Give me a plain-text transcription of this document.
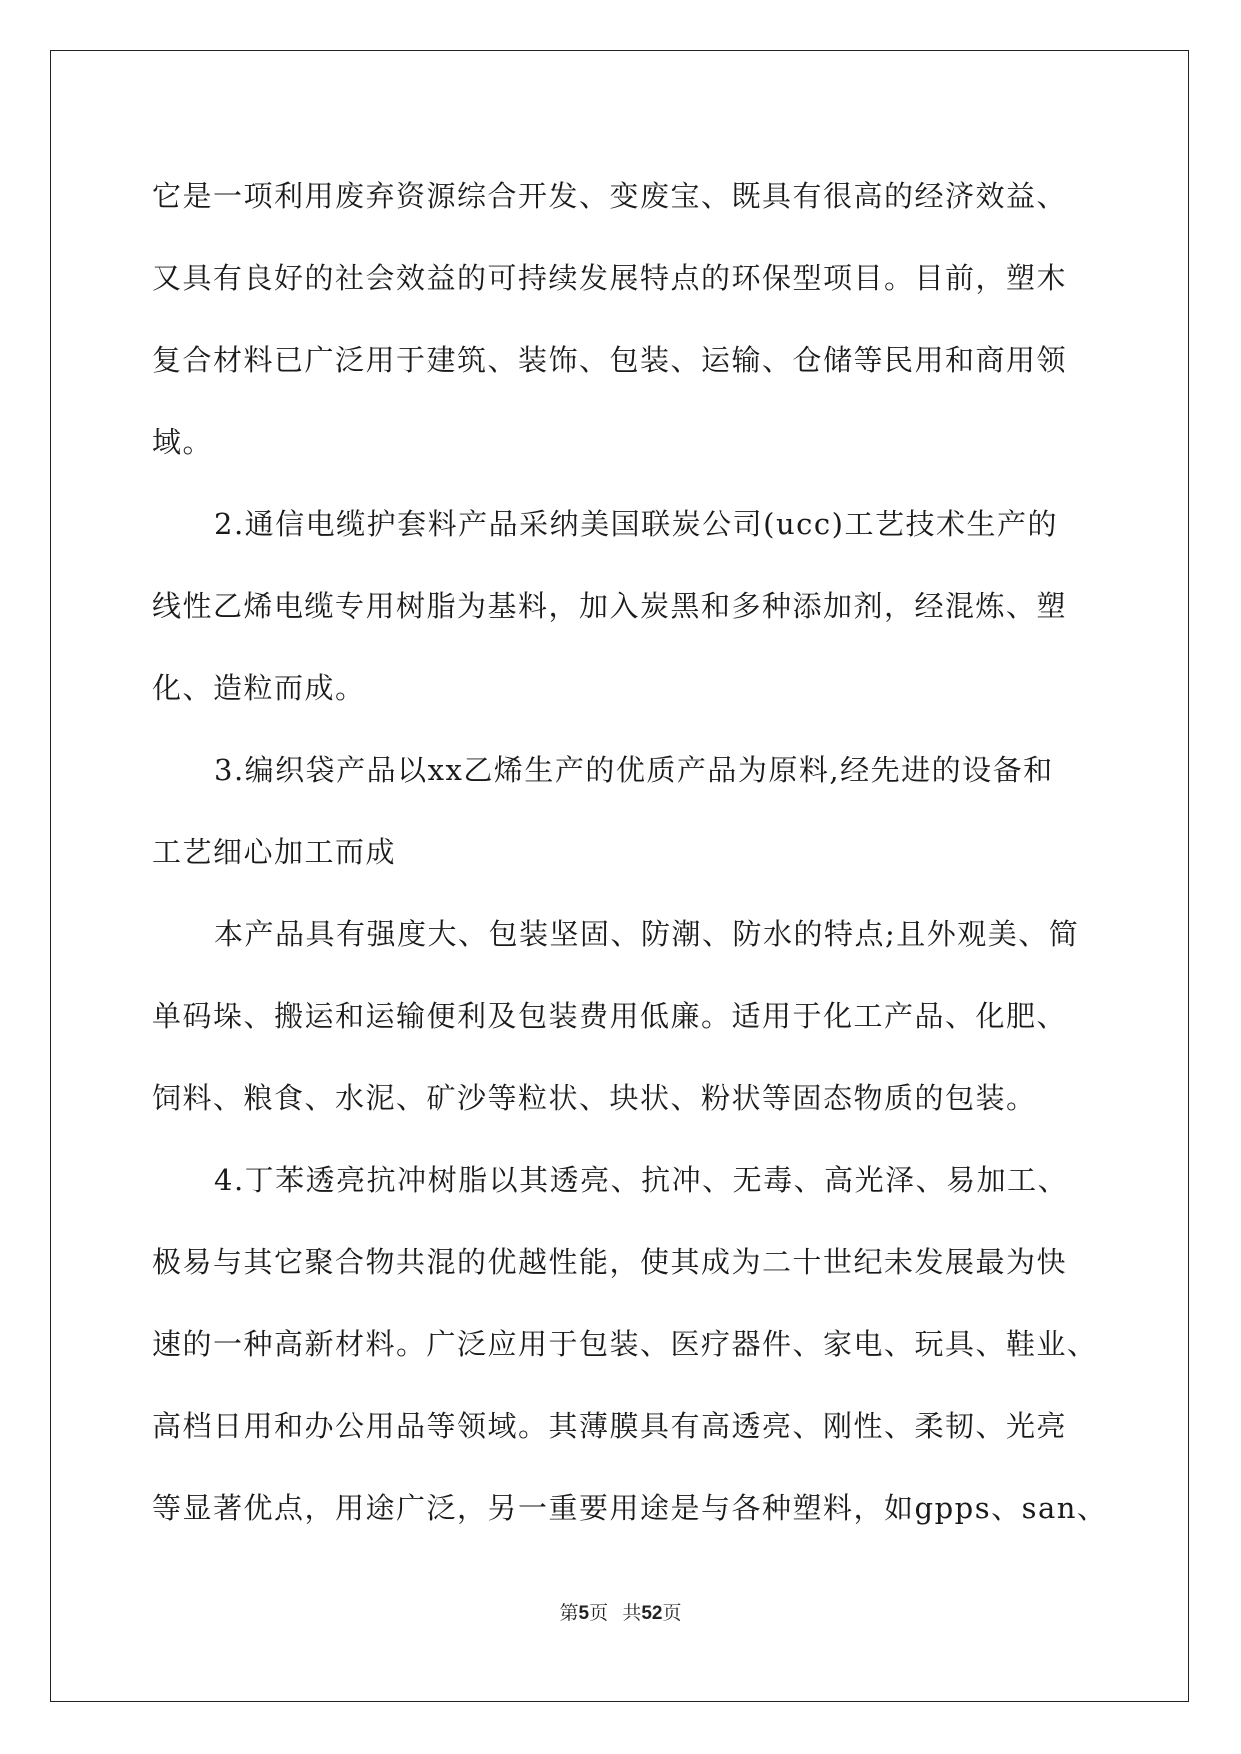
它是一项利用废弃资源综合开发、变废宝、既具有很高的经济效益、
又具有良好的社会效益的可持续发展特点的环保型项目。目前，塑木
复合材料已广泛用于建筑、装饰、包装、运输、仓储等民用和商用领
域。
2.通信电缆护套料产品采纳美国联炭公司(ucc)工艺技术生产的
线性乙烯电缆专用树脂为基料，加入炭黑和多种添加剂，经混炼、塑
化、造粒而成。
3.编织袋产品以xx乙烯生产的优质产品为原料,经先进的设备和
工艺细心加工而成
本产品具有强度大、包装坚固、防潮、防水的特点;且外观美、简
单码垛、搬运和运输便利及包装费用低廉。适用于化工产品、化肥、
饲料、粮食、水泥、矿沙等粒状、块状、粉状等固态物质的包装。
4.丁苯透亮抗冲树脂以其透亮、抗冲、无毒、高光泽、易加工、
极易与其它聚合物共混的优越性能，使其成为二十世纪未发展最为快
速的一种高新材料。广泛应用于包装、医疗器件、家电、玩具、鞋业、
高档日用和办公用品等领域。其薄膜具有高透亮、刚性、柔韧、光亮
等显著优点，用途广泛，另一重要用途是与各种塑料，如gpps、san、
第5页 共52页
